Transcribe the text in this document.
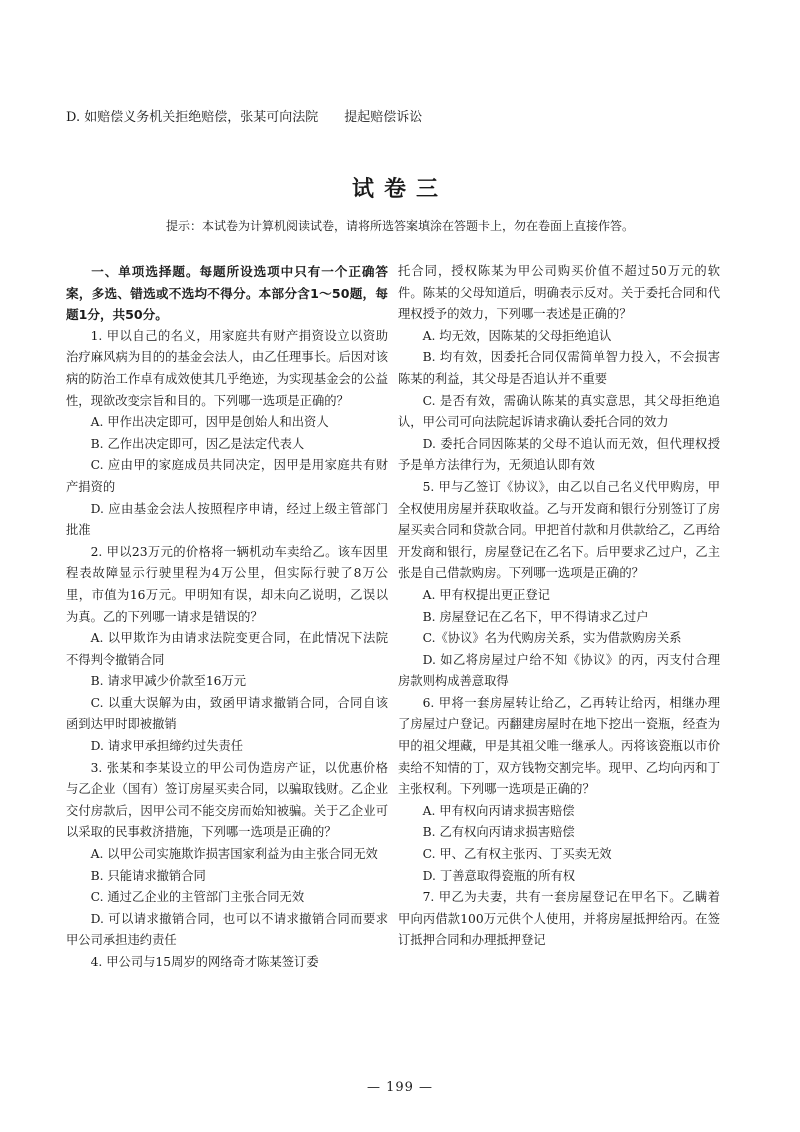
D. 如赔偿义务机关拒绝赔偿，张某可向法院　　提起赔偿诉讼
试卷三
提示：本试卷为计算机阅读试卷，请将所选答案填涂在答题卡上，勿在卷面上直接作答。

一、单项选择题。每题所设选项中只有一个正确答案，多选、错选或不选均不得分。本部分含1～50题，每题1分，共50分。

1. 甲以自己的名义，用家庭共有财产捐资设立以资助治疗麻风病为目的的基金会法人，由乙任理事长。后因对该病的防治工作卓有成效使其几乎绝迹，为实现基金会的公益性，现欲改变宗旨和目的。下列哪一选项是正确的？

A. 甲作出决定即可，因甲是创始人和出资人

B. 乙作出决定即可，因乙是法定代表人

C. 应由甲的家庭成员共同决定，因甲是用家庭共有财产捐资的

D. 应由基金会法人按照程序申请，经过上级主管部门批准

2. 甲以23万元的价格将一辆机动车卖给乙。该车因里程表故障显示行驶里程为4万公里，但实际行驶了8万公里，市值为16万元。甲明知有误，却未向乙说明，乙误以为真。乙的下列哪一请求是错误的？

A. 以甲欺诈为由请求法院变更合同，在此情况下法院不得判令撤销合同

B. 请求甲减少价款至16万元

C. 以重大误解为由，致函甲请求撤销合同，合同自该函到达甲时即被撤销

D. 请求甲承担缔约过失责任

3. 张某和李某设立的甲公司伪造房产证，以优惠价格与乙企业（国有）签订房屋买卖合同，以骗取钱财。乙企业交付房款后，因甲公司不能交房而始知被骗。关于乙企业可以采取的民事救济措施，下列哪一选项是正确的？

A. 以甲公司实施欺诈损害国家利益为由主张合同无效

B. 只能请求撤销合同

C. 通过乙企业的主管部门主张合同无效

D. 可以请求撤销合同，也可以不请求撤销合同而要求甲公司承担违约责任

4. 甲公司与15周岁的网络奇才陈某签订委

托合同，授权陈某为甲公司购买价值不超过50万元的软件。陈某的父母知道后，明确表示反对。关于委托合同和代理权授予的效力，下列哪一表述是正确的？

A. 均无效，因陈某的父母拒绝追认

B. 均有效，因委托合同仅需简单智力投入，不会损害陈某的利益，其父母是否追认并不重要

C. 是否有效，需确认陈某的真实意思，其父母拒绝追认，甲公司可向法院起诉请求确认委托合同的效力

D. 委托合同因陈某的父母不追认而无效，但代理权授予是单方法律行为，无须追认即有效

5. 甲与乙签订《协议》，由乙以自己名义代甲购房，甲全权使用房屋并获取收益。乙与开发商和银行分别签订了房屋买卖合同和贷款合同。甲把首付款和月供款给乙，乙再给开发商和银行，房屋登记在乙名下。后甲要求乙过户，乙主张是自己借款购房。下列哪一选项是正确的？

A. 甲有权提出更正登记

B. 房屋登记在乙名下，甲不得请求乙过户

C.《协议》名为代购房关系，实为借款购房关系

D. 如乙将房屋过户给不知《协议》的丙，丙支付合理房款则构成善意取得

6. 甲将一套房屋转让给乙，乙再转让给丙，相继办理了房屋过户登记。丙翻建房屋时在地下挖出一瓷瓶，经查为甲的祖父埋藏，甲是其祖父唯一继承人。丙将该瓷瓶以市价卖给不知情的丁，双方钱物交割完毕。现甲、乙均向丙和丁主张权利。下列哪一选项是正确的？

A. 甲有权向丙请求损害赔偿

B. 乙有权向丙请求损害赔偿

C. 甲、乙有权主张丙、丁买卖无效

D. 丁善意取得瓷瓶的所有权

7. 甲乙为夫妻，共有一套房屋登记在甲名下。乙瞒着甲向丙借款100万元供个人使用，并将房屋抵押给丙。在签订抵押合同和办理抵押登记

— 199 —
